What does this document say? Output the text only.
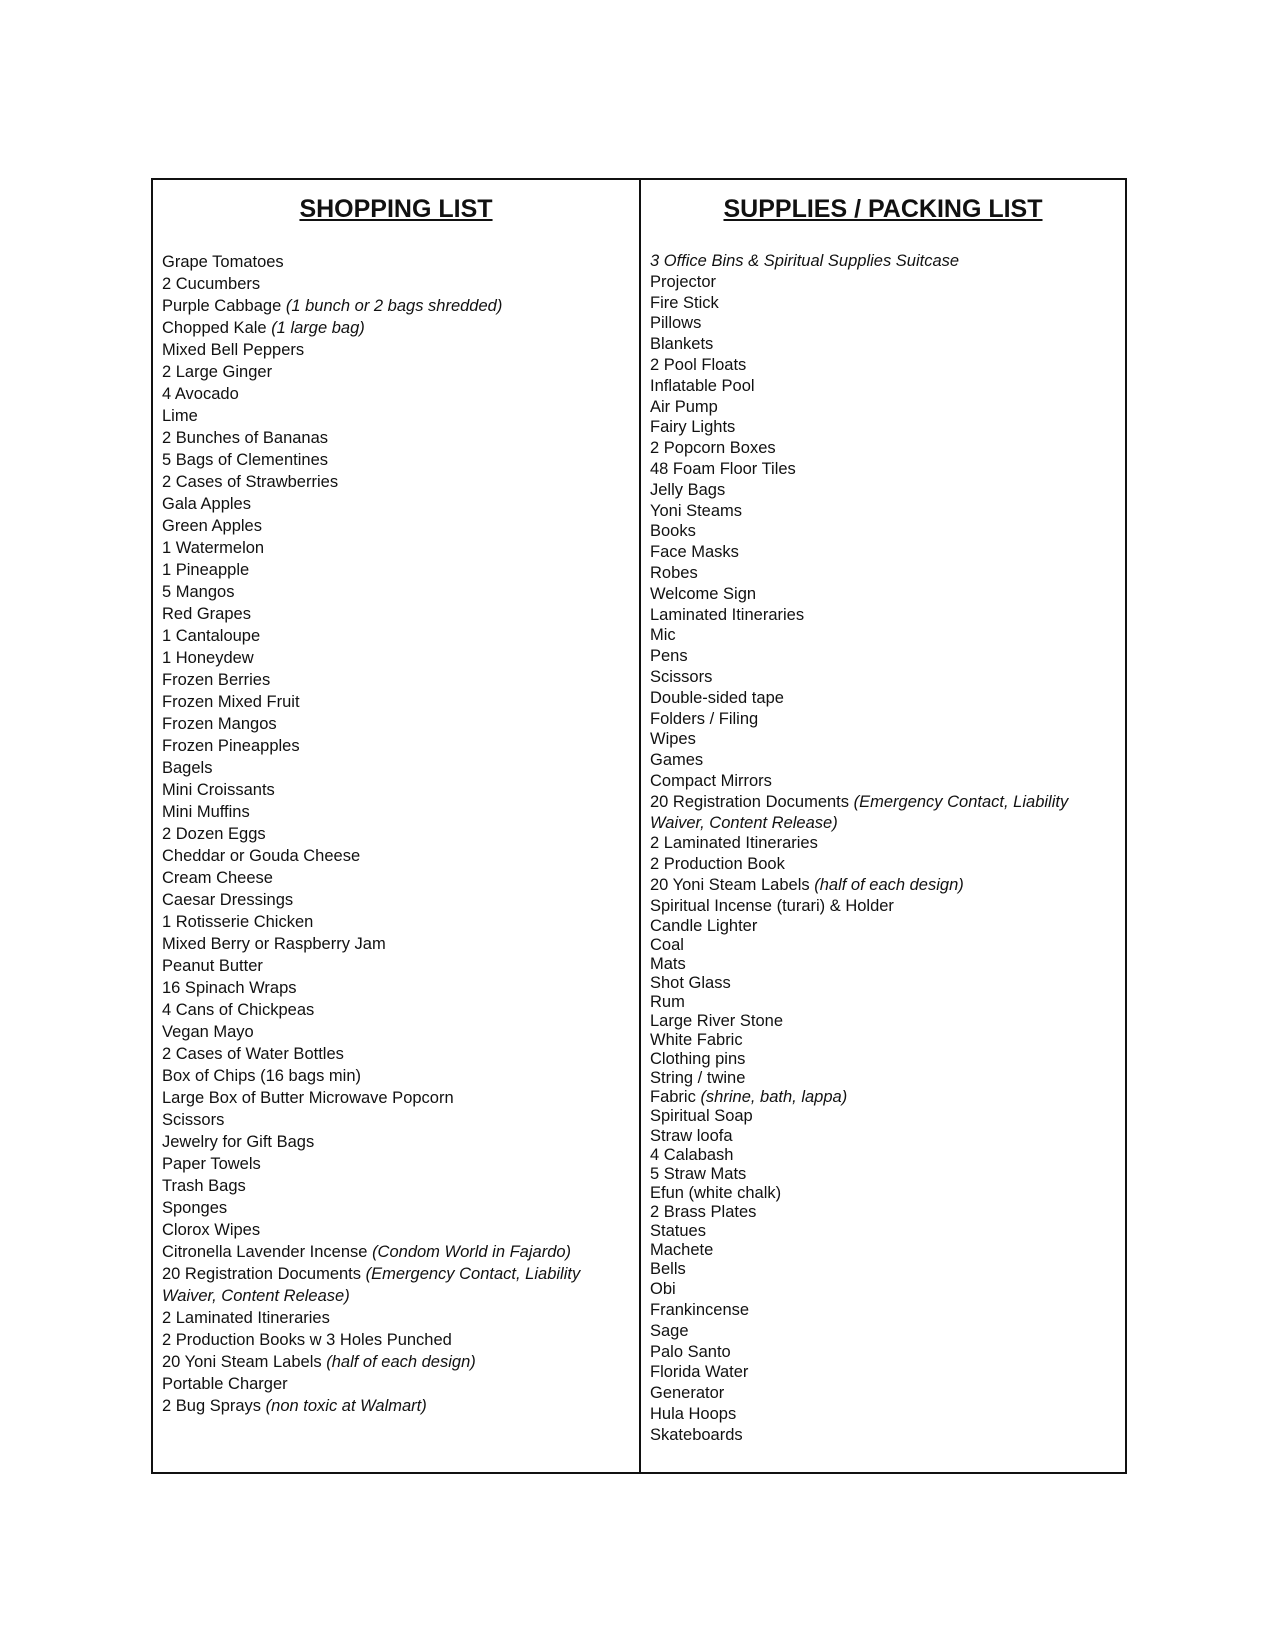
SHOPPING LIST
Grape Tomatoes
2 Cucumbers
Purple Cabbage (1 bunch or 2 bags shredded)
Chopped Kale (1 large bag)
Mixed Bell Peppers
2 Large Ginger
4 Avocado
Lime
2 Bunches of Bananas
5 Bags of Clementines
2 Cases of Strawberries
Gala Apples
Green Apples
1 Watermelon
1 Pineapple
5 Mangos
Red Grapes
1 Cantaloupe
1 Honeydew
Frozen Berries
Frozen Mixed Fruit
Frozen Mangos
Frozen Pineapples
Bagels
Mini Croissants
Mini Muffins
2 Dozen Eggs
Cheddar or Gouda Cheese
Cream Cheese
Caesar Dressings
1 Rotisserie Chicken
Mixed Berry or Raspberry Jam
Peanut Butter
16 Spinach Wraps
4 Cans of Chickpeas
Vegan Mayo
2 Cases of Water Bottles
Box of Chips (16 bags min)
Large Box of Butter Microwave Popcorn
Scissors
Jewelry for Gift Bags
Paper Towels
Trash Bags
Sponges
Clorox Wipes
Citronella Lavender Incense (Condom World in Fajardo)
20 Registration Documents (Emergency Contact, Liability Waiver, Content Release)
2 Laminated Itineraries
2 Production Books w 3 Holes Punched
20 Yoni Steam Labels (half of each design)
Portable Charger
2 Bug Sprays (non toxic at Walmart)
SUPPLIES / PACKING LIST
3 Office Bins & Spiritual Supplies Suitcase
Projector
Fire Stick
Pillows
Blankets
2 Pool Floats
Inflatable Pool
Air Pump
Fairy Lights
2 Popcorn Boxes
48 Foam Floor Tiles
Jelly Bags
Yoni Steams
Books
Face Masks
Robes
Welcome Sign
Laminated Itineraries
Mic
Pens
Scissors
Double-sided tape
Folders / Filing
Wipes
Games
Compact Mirrors
20 Registration Documents (Emergency Contact, Liability Waiver, Content Release)
2 Laminated Itineraries
2 Production Book
20 Yoni Steam Labels (half of each design)
Spiritual Incense (turari) & Holder
Candle Lighter
Coal
Mats
Shot Glass
Rum
Large River Stone
White Fabric
Clothing pins
String / twine
Fabric (shrine, bath, lappa)
Spiritual Soap
Straw loofa
4 Calabash
5 Straw Mats
Efun (white chalk)
2 Brass Plates
Statues
Machete
Bells
Obi
Frankincense
Sage
Palo Santo
Florida Water
Generator
Hula Hoops
Skateboards
